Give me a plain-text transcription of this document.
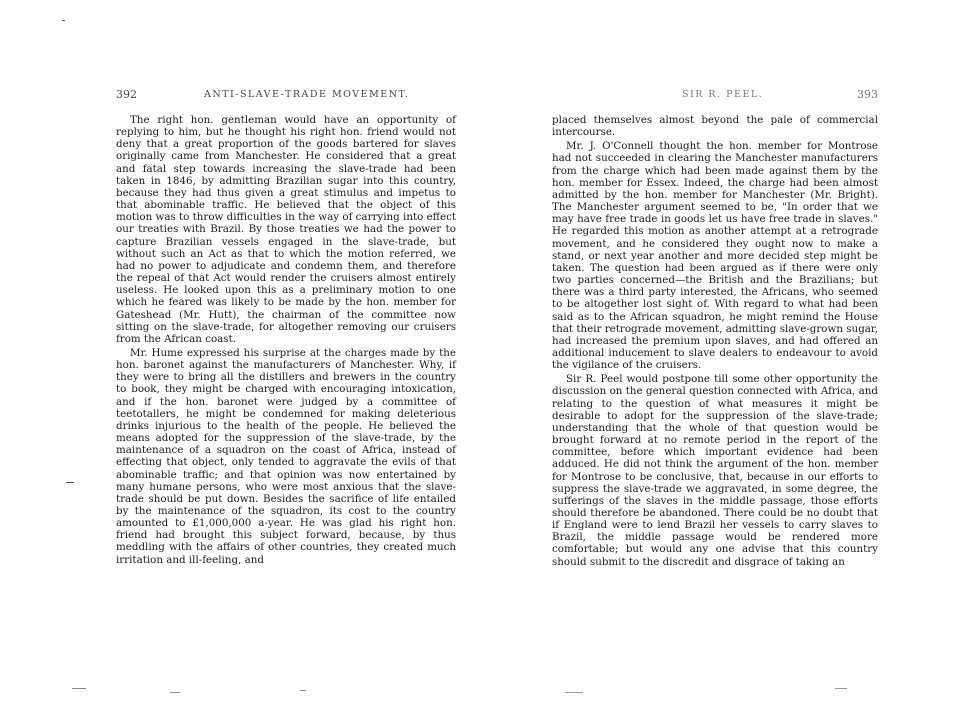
392	ANTI-SLAVE-TRADE MOVEMENT.

The right hon. gentleman would have an opportunity of replying to him, but he thought his right hon. friend would not deny that a great proportion of the goods bartered for slaves originally came from Manchester. He considered that a great and fatal step towards increasing the slave-trade had been taken in 1846, by admitting Brazilian sugar into this country, because they had thus given a great stimulus and impetus to that abominable traffic. He believed that the object of this motion was to throw difficulties in the way of carrying into effect our treaties with Brazil. By those treaties we had the power to capture Brazilian vessels engaged in the slave-trade, but without such an Act as that to which the motion referred, we had no power to adjudicate and condemn them, and therefore the repeal of that Act would render the cruisers almost entirely useless. He looked upon this as a preliminary motion to one which he feared was likely to be made by the hon. member for Gateshead (Mr. Hutt), the chairman of the committee now sitting on the slave-trade, for altogether removing our cruisers from the African coast.

Mr. Hume expressed his surprise at the charges made by the hon. baronet against the manufacturers of Manchester. Why, if they were to bring all the distillers and brewers in the country to book, they might be charged with encouraging intoxication, and if the hon. baronet were judged by a committee of teetotallers, he might be condemned for making deleterious drinks injurious to the health of the people. He believed the means adopted for the suppression of the slave-trade, by the maintenance of a squadron on the coast of Africa, instead of effecting that object, only tended to aggravate the evils of that abominable traffic; and that opinion was now entertained by many humane persons, who were most anxious that the slave-trade should be put down. Besides the sacrifice of life entailed by the maintenance of the squadron, its cost to the country amounted to £1,000,000 a-year. He was glad his right hon. friend had brought this subject forward, because, by thus meddling with the affairs of other countries, they created much irritation and ill-feeling, and

SIR R. PEEL.	393

placed themselves almost beyond the pale of commercial intercourse.

Mr. J. O'Connell thought the hon. member for Montrose had not succeeded in clearing the Manchester manufacturers from the charge which had been made against them by the hon. member for Essex. Indeed, the charge had been almost admitted by the hon. member for Manchester (Mr. Bright). The Manchester argument seemed to be, "In order that we may have free trade in goods let us have free trade in slaves." He regarded this motion as another attempt at a retrograde movement, and he considered they ought now to make a stand, or next year another and more decided step might be taken. The question had been argued as if there were only two parties concerned—the British and the Brazilians; but there was a third party interested, the Africans, who seemed to be altogether lost sight of. With regard to what had been said as to the African squadron, he might remind the House that their retrograde movement, admitting slave-grown sugar, had increased the premium upon slaves, and had offered an additional inducement to slave dealers to endeavour to avoid the vigilance of the cruisers.

Sir R. Peel would postpone till some other opportunity the discussion on the general question connected with Africa, and relating to the question of what measures it might be desirable to adopt for the suppression of the slave-trade; understanding that the whole of that question would be brought forward at no remote period in the report of the committee, before which important evidence had been adduced. He did not think the argument of the hon. member for Montrose to be conclusive, that, because in our efforts to suppress the slave-trade we aggravated, in some degree, the sufferings of the slaves in the middle passage, those efforts should therefore be abandoned. There could be no doubt that if England were to lend Brazil her vessels to carry slaves to Brazil, the middle passage would be rendered more comfortable; but would any one advise that this country should submit to the discredit and disgrace of taking an
